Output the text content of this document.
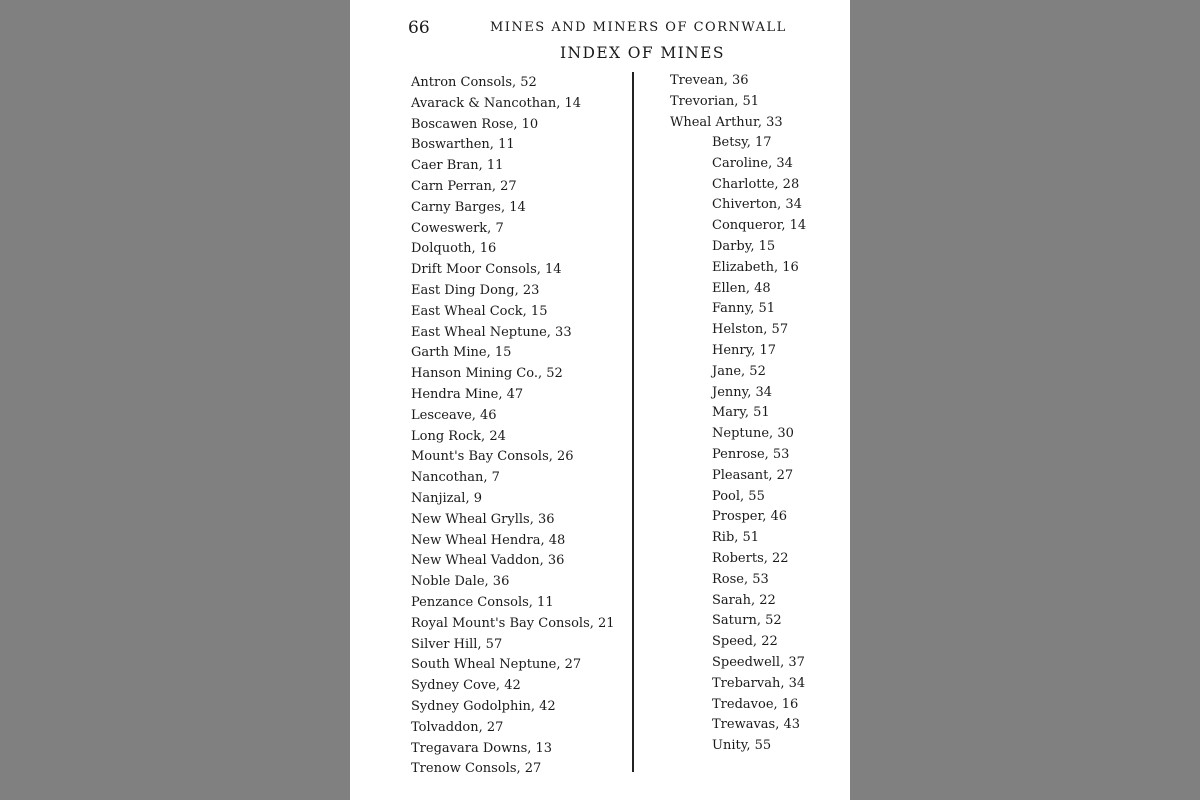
66	MINES AND MINERS OF CORNWALL
INDEX OF MINES
Antron Consols, 52
Avarack & Nancothan, 14
Boscawen Rose, 10
Boswarthen, 11
Caer Bran, 11
Carn Perran, 27
Carny Barges, 14
Coweswerk, 7
Dolquoth, 16
Drift Moor Consols, 14
East Ding Dong, 23
East Wheal Cock, 15
East Wheal Neptune, 33
Garth Mine, 15
Hanson Mining Co., 52
Hendra Mine, 47
Lesceave, 46
Long Rock, 24
Mount's Bay Consols, 26
Nancothan, 7
Nanjizal, 9
New Wheal Grylls, 36
New Wheal Hendra, 48
New Wheal Vaddon, 36
Noble Dale, 36
Penzance Consols, 11
Royal Mount's Bay Consols, 21
Silver Hill, 57
South Wheal Neptune, 27
Sydney Cove, 42
Sydney Godolphin, 42
Tolvaddon, 27
Tregavara Downs, 13
Trenow Consols, 27
Trevean, 36
Trevorian, 51
Wheal Arthur, 33
Betsy, 17
Caroline, 34
Charlotte, 28
Chiverton, 34
Conqueror, 14
Darby, 15
Elizabeth, 16
Ellen, 48
Fanny, 51
Helston, 57
Henry, 17
Jane, 52
Jenny, 34
Mary, 51
Neptune, 30
Penrose, 53
Pleasant, 27
Pool, 55
Prosper, 46
Rib, 51
Roberts, 22
Rose, 53
Sarah, 22
Saturn, 52
Speed, 22
Speedwell, 37
Trebarvah, 34
Tredavoe, 16
Trewavas, 43
Unity, 55
